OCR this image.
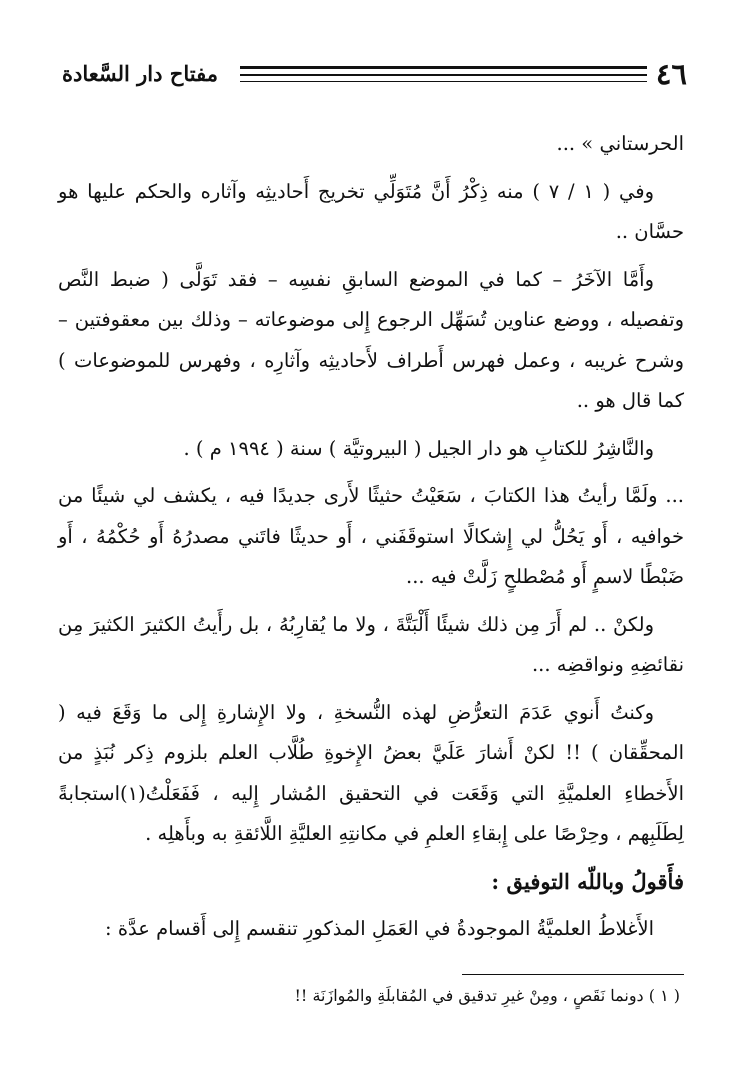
٤٦
مفتاح دار السَّعادة

الحرستاني » ...

وفي ( ١ / ٧ ) منه ذِكْرُ أَنَّ مُتَوَلِّي تخريج أَحاديثِه وآثاره والحكم عليها هو حسَّان ..

وأَمَّا الآخَرُ – كما في الموضع السابقِ نفسِه – فقد تَوَلَّى ( ضبط النَّص وتفصيله ، ووضع عناوين تُسَهِّل الرجوع إِلى موضوعاته – وذلك بين معقوفتين – وشرح غريبه ، وعمل فهرس أَطراف لأَحاديثِه وآثارِه ، وفهرس للموضوعات ) كما قال هو ..

والنَّاشِرُ للكتابِ هو دار الجيل ( البيروتيَّة ) سنة ( ١٩٩٤ م ) .

... ولَمَّا رأيتُ هذا الكتابَ ، سَعَيْتُ حثيثًا لأَرى جديدًا فيه ، يكشف لي شيئًا من خوافيه ، أَو يَحُلُّ لي إِشكالًا استوقَفَني ، أَو حديثًا فاتَني مصدرُهُ أَو حُكْمُهُ ، أَو ضَبْطًا لاسمٍ أَو مُصْطلحٍ زَلَّتْ فيه ...

ولكنْ .. لم أَرَ مِن ذلك شيئًا أَلْبَتَّةَ ، ولا ما يُقارِبُهُ ، بل رأَيتُ الكثيرَ الكثيرَ مِن نقائضِهِ ونواقضِه ...

وكنتُ أَنوي عَدَمَ التعرُّضِ لهذه النُّسخةِ ، ولا الإِشارةِ إِلى ما وَقَعَ فيه ( المحقِّقان ) !! لكنْ أَشارَ عَلَيَّ بعضُ الإِخوةِ طُلَّاب العلم بلزوم ذِكر نُبَذٍ من الأَخطاءِ العلميَّةِ التي وَقَعَت في التحقيق المُشار إِليه ، فَفَعَلْتُ(١)استجابةً لِطَلَبِهم ، وحِرْصًا على إِبقاءِ العلمِ في مكانتِهِ العليَّةِ اللَّائقةِ به وبأَهلِه .

فأَقولُ وباللّه التوفيق :

الأَغلاطُ العلميَّةُ الموجودةُ في العَمَلِ المذكورِ تنقسم إِلى أَقسام عدَّة :

( ١ ) دونما نَقَصٍ ، ومِنْ غيرِ تدقيق في المُقابلَةِ والمُوازَنَة !!
